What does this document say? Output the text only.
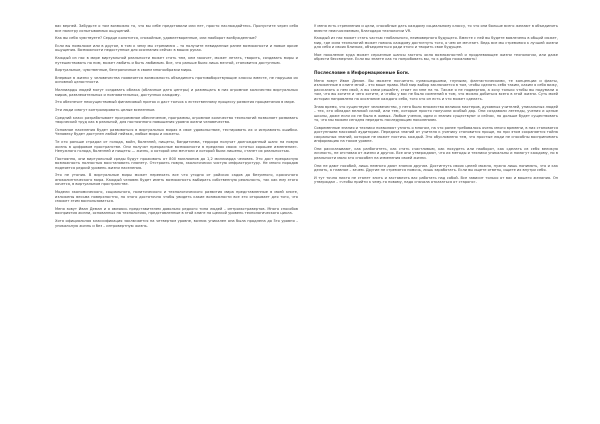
вас верней. Забудьте о том возможно то, что вы себе представили или нет, просто наслаждайтесь. Пропустите через себя все палитру испытываемых ощущений.

Как вы себя чувствуете? Сердце колотится, спокойные, удовлетворенные, или наоборот возбужденные?

Если вы помоложе или в другое, в том к чему мы стремимся – то получите невиданные ранее возможности и новые яркие ощущения. Возможности недоступные для осознания сейчас в ваших руках.

Каждый из нас в мире виртуальной реальности может стать тем, кем захочет, может летать, творить, создавать миры и путешествовать по ним, может любить и быть любимым. Все, что раньше было лишь мечтой, становится доступным.

Виртуальные, чувственные, безграничные в своем многообразии миры.

Впервые в жизни у человечества появляется возможность объединить противоборствующие классы вместе, не нарушая их основной целостности.

Миллиарды людей могут создавать облака (облачные дата центры) и размещать в них огромное количество виртуальных миров, развлекательных и познавательных, доступных каждому.

Это обеспечит неосуществимый финансовый приток и даст толчок к естественному процессу развития процветания в мире.

Эти люди смогут контролировать целые вселенные.

Средний класс разрабатывает программное обеспечение, программы, огромное количество технологий позволяет развивать творческий труд как в реальной, для постоянного повышения уровня жизни человечества.

Основное населения будет развиваться в виртуальных мирах в свое удовольствие, тестировать их и исправлять ошибки. Человеку будет доступен любой пейзаж, любые миры и сюжеты.

Те кто раньше страдал от голода, войн, болезней, нищеты, бандитизма, террора получат долгожданный шанс на новую жизнь в цифровом пространстве. Они получат прекрасные возможности в пределах своих «статьи хорошее изменение». Ненужного голода, болезней и нищеты — жизнь, о которой они мечтали и которой были лишены, станет их реальностью.

Постоянно, они виртуальный среды будут проживать от 800 миллионов до 1,2 миллиарда человек. Это даст прекрасную возможность полностью восстановить планету. Отстроить новую, экологически чистую инфраструктуру. Не много породов подняется редкий уровень жизни населения.

Это не утопия. В виртуальные миры может переехать все что угодно от райских садов до безумного, красочного апокалиптического мира. Каждый человек будет иметь возможность выбирать собственную реальность, так как ему этого хочется, в виртуальном пространстве.

Модели экономического, социального, политического и технологического развития мира представленные в моей книге, изложены весьма поверхностно, но этого достаточно чтобы увидеть какие возможности все это открывает для того, что сможет этим воспользоваться.

Меня зовут Иван Деман и я являюсь представителем довольно редкого типа людей – интроэкстравертов. Много способов восприятия жизни, основанных на технологиях, представленные в этой книге на щелкой уровень технологического цикла.

Хотя официальная классификация заключается на четвертом уровне, возник уникален она была продлена до 5го уровня – уникальную жизнь и без – интровертную жизнь.

У меня есть стремления и цели, способные дать каждому социальному классу, то что они больше всего желают в объединить вместе неисчисляемым, благодаря технологии VR.

Каждый из нас может стать частью глобального, неимоверного будущего. Вместе с ней вы будете вовлечены в общий сюжет, мир, где сила технологий может помочь каждому достигнуть того, о чем он мечтает. Ведь все мы стремимся к лучшей жизни для себя и своих близких, объединяться ради этого и творить свое будущее.

Мое поколение куда может серьезные шансы застать окно возможностей и продлевающее жизни технологии, или даже обрести бессмертие. Если вы знаете как то попробовать вы, то к добро пожаловать!

Послесловие в Информационные Боги.

Меня зовут Иван Деман. Вы можете посчитать сумасшедшими, глупыми, фантастическими, те концепции и факты, изложенные в книге мной – это ваше право. Мой мир выбор заключается в том, чтобы сделать себя таким, каким я себя вижу, рассказать о нем свой, а вы сами решайте, стоит ли мне на то. Также я не подвергаю, а хочу только чтобы вы подумали о том, что вы хотите и чего хотите, и чтобы у вас не было сомнений в том, что можно добиться всего в этой жизни. Суть моей истории направлена на осознание каждого себя, того кто он есть и что может сделать.

Знаю время, что существуют человечество, у него было множество великих мастеров, духовных учителей, уникальных людей – тех, кто обладал великой силой, или тем, которые просто получили особый дар. Они создавали легенды, учения и целые школы, даже если их не было в живых. Любые учения, идеи и знания существуют и сейчас, но дольше будет существовать то, что мы можем сегодня передать последующим поколениям.

Современные знания и техники позволяют узнать о многом, на что ранее требовалось очень много времени, в них становятся доступными массовой аудитории. Передача знаний от учителя к ученику становится проще, но при этом сохраняется тайна сакральных знаний, которые не может постичь каждый. Это обусловлено тем, что простые люди не способны воспринимать информацию на таком уровне.

Они рассказывают, как разбогатеть, как стать счастливым, как похудеть или наоборот, как сделать из себя великую личность, не отставая от жизни и других. Все они утверждают, что их методы и техники уникальны и помогут каждому, но в реальности мало кто способен на изменения своей жизни.

Они не дают пособий, лишь немного дают знания другим. Достигнуть своих целей можно, нужно лишь понимать, что и как делать, а главное – зачем. Другие не стремятся помочь, лишь заработать. Если вы ищете ответы, ищите их внутри себя.

И тут точно никто не станет злить и заставлять вас работать над собой. Все зависит только от вас и вашего желания. Он утверждал – «чтобы прийти к чему-то новому, надо сначала отказаться от старого».
